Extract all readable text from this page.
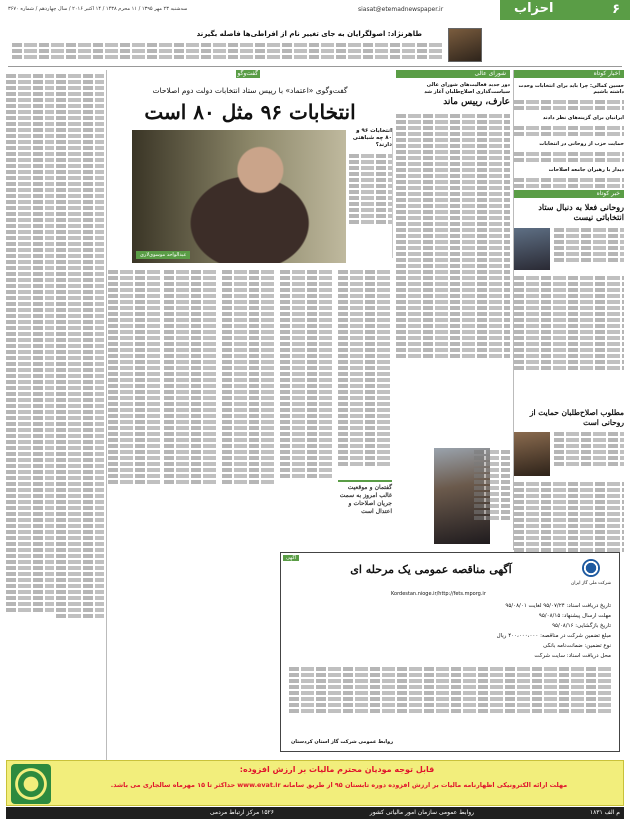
۶
احزاب
سه‌شنبه ۲۳ مهر ۱۳۹۵ / ۱۱ محرم ۱۴۳۸ / ۱۴ اکتبر ۲۰۱۶ / سال چهاردهم / شماره ۳۶۷۰	siasat@etemadnewspaper.ir
طاهرنژاد: اصولگرایان به جای تغییر نام از افراطی‌ها فاصله بگیرند
اخبار کوتاه
حسین کمالی: چرا باید برای انتخابات وحدت داشته باشیم
ایرانیان برای گزینه‌های نظر دادند
حمایت حزب از روحانی در انتخابات
دیدار با رهبران جامعه اصلاحات
خبر کوتاه
روحانی فعلا به دنبال ستاد انتخاباتی نیست
مطلوب اصلاح‌طلبان حمایت از روحانی است
شورای عالی
دور جدید فعالیت‌های شورای عالی سیاست‌گذاری اصلاح‌طلبان آغاز شد
عارف، رییس ماند
گفت‌وگو
گفت‌وگوی «اعتماد» با رییس ستاد انتخابات دولت دوم اصلاحات
انتخابات ۹۶ مثل ۸۰ است
عبدالواحد موسوی‌لاری
انتخابات ۹۶ و ۸۰ چه شباهتی دارند؟
گفتمان و موقعیت غالب امروز به سمت جریان اصلاحات و اعتدال است
آگهی
آگهی مناقصه عمومی یک مرحله ای
شرکت ملی گاز ایران
Kordestan.nioge.ir/http://fets.mporg.ir
تاریخ دریافت اسناد: ۹۵/۰۷/۲۴ لغایت ۹۵/۰۸/۰۱
مهلت ارسال پیشنهاد: ۹۵/۰۸/۱۵
تاریخ بازگشایی: ۹۵/۰۸/۱۶
مبلغ تضمین شرکت در مناقصه: ۴۰۰،۰۰۰،۰۰۰ ریال
نوع تضمین: ضمانت‌نامه بانکی
محل دریافت اسناد: سایت شرکت
روابط عمومی شرکت گاز استان کردستان
قابل توجه مودیان محترم مالیات بر ارزش افزوده:
مهلت ارائه الکترونیکی اظهارنامه مالیات بر ارزش افزوده دوره تابستان ۹۵ از طریق سامانه www.evat.ir حداکثر تا ۱۵ مهرماه سالجاری می باشد.
روابط عمومی سازمان امور مالیاتی کشور
۱۵۲۶ مرکز ارتباط مردمی	م الف ۱۸۳۱
